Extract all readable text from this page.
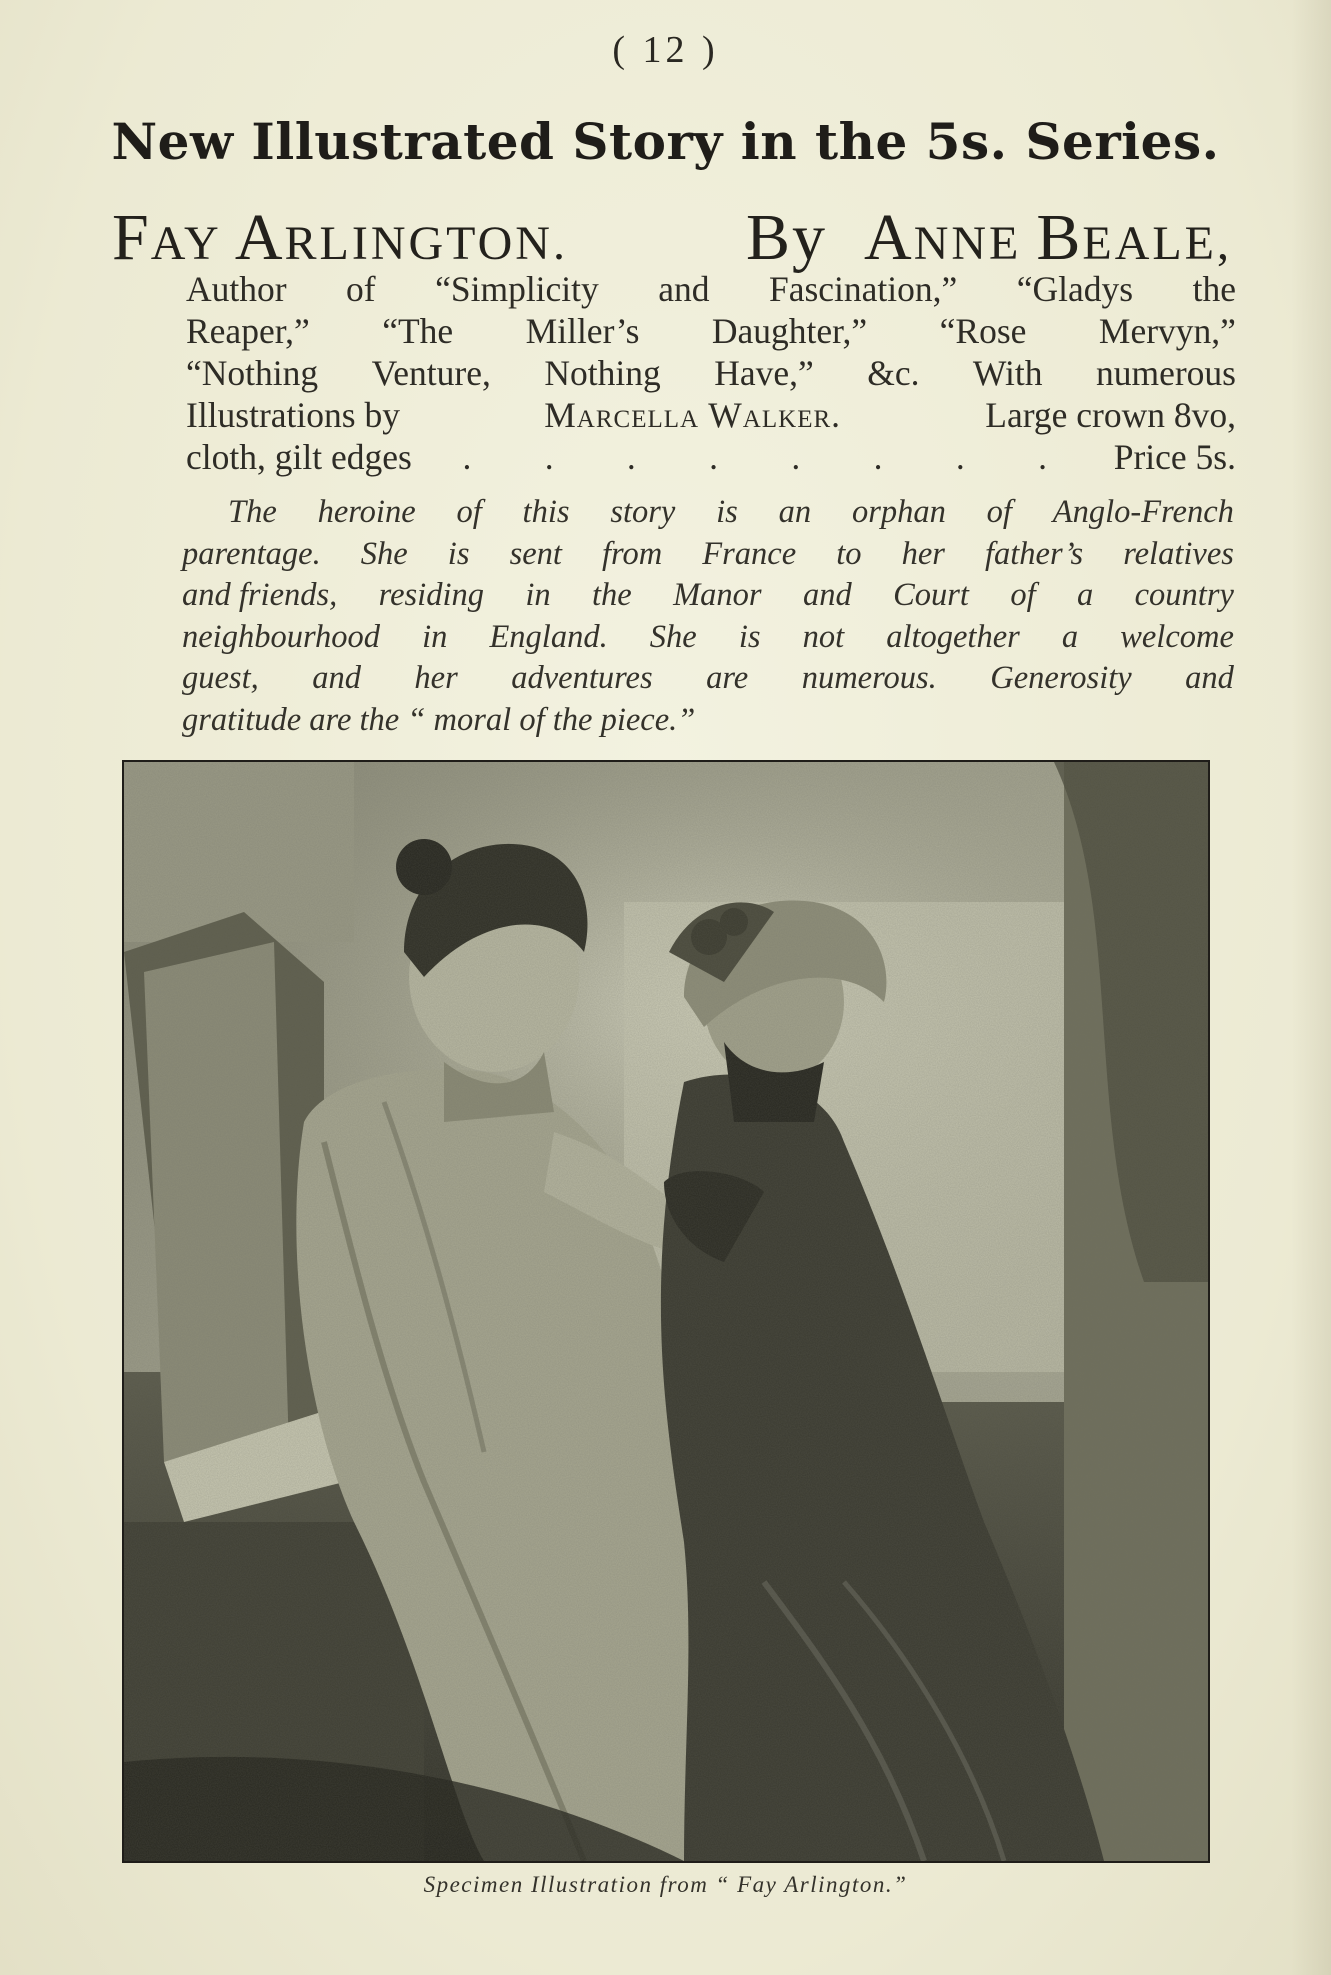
( 12 )
New Illustrated Story in the 5s. Series.
FAY ARLINGTON.	By ANNE BEALE,
Author of “Simplicity and Fascination,” “Gladys the
Reaper,” “The Miller’s Daughter,” “Rose Mervyn,”
“Nothing Venture, Nothing Have,” &c. With numerous
Illustrations by	Marcella Walker.	Large crown 8vo,
cloth, gilt edges . . . . . . . . Price 5s.
The heroine of this story is an orphan of Anglo-French
parentage. She is sent from France to her father’s relatives
and friends, residing in the Manor and Court of a country
neighbourhood in England. She is not altogether a welcome
guest, and her adventures are numerous. Generosity and
gratitude are the “ moral of the piece.”
Specimen Illustration from “ Fay Arlington.”
